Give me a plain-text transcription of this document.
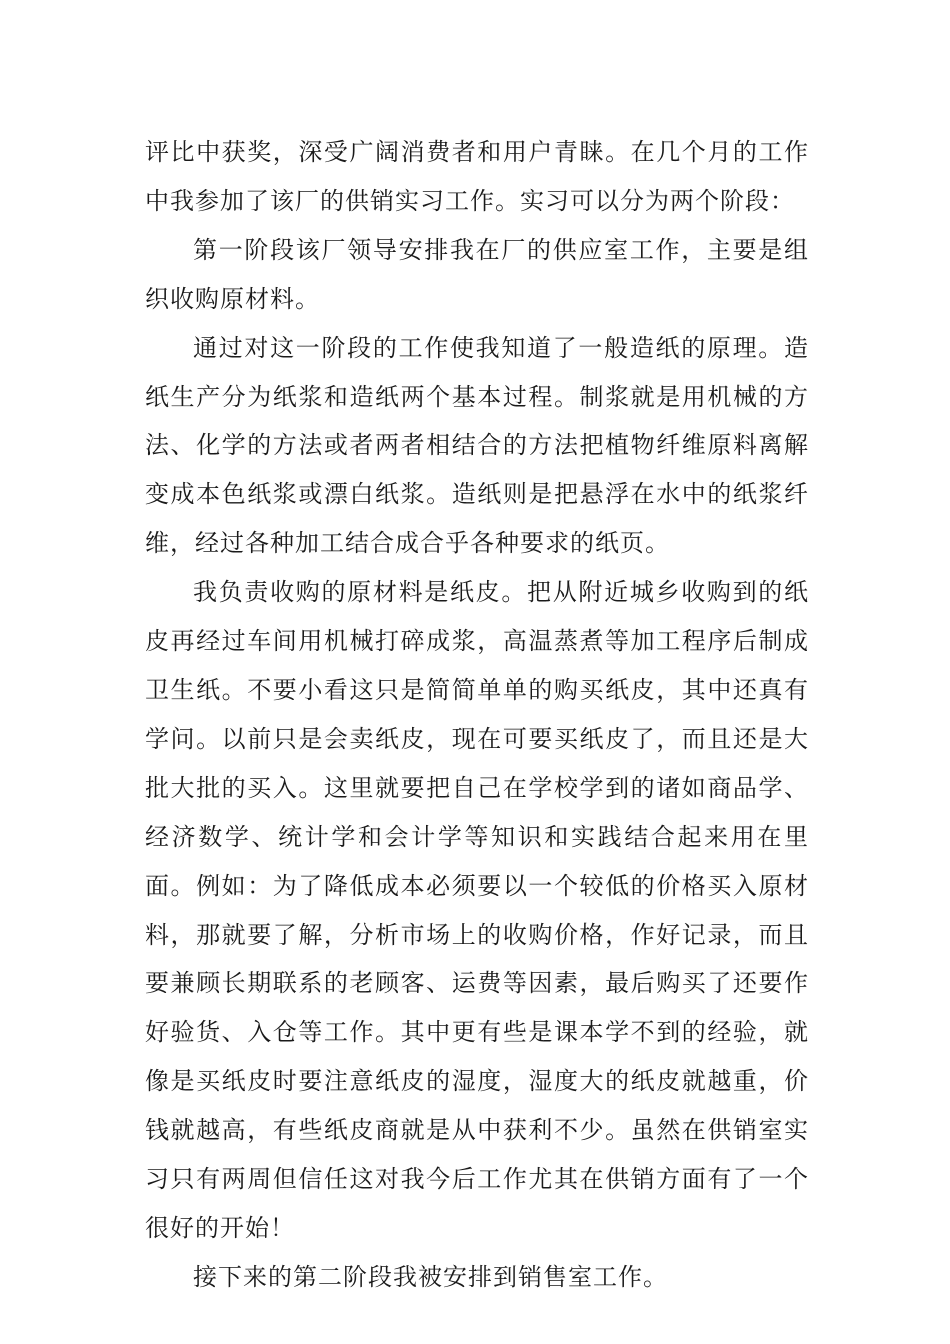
评比中获奖，深受广阔消费者和用户青睐。在几个月的工作中我参加了该厂的供销实习工作。实习可以分为两个阶段：

第一阶段该厂领导安排我在厂的供应室工作，主要是组织收购原材料。

通过对这一阶段的工作使我知道了一般造纸的原理。造纸生产分为纸浆和造纸两个基本过程。制浆就是用机械的方法、化学的方法或者两者相结合的方法把植物纤维原料离解变成本色纸浆或漂白纸浆。造纸则是把悬浮在水中的纸浆纤维，经过各种加工结合成合乎各种要求的纸页。

我负责收购的原材料是纸皮。把从附近城乡收购到的纸皮再经过车间用机械打碎成浆，高温蒸煮等加工程序后制成卫生纸。不要小看这只是简简单单的购买纸皮，其中还真有学问。以前只是会卖纸皮，现在可要买纸皮了，而且还是大批大批的买入。这里就要把自己在学校学到的诸如商品学、经济数学、统计学和会计学等知识和实践结合起来用在里面。例如：为了降低成本必须要以一个较低的价格买入原材料，那就要了解，分析市场上的收购价格，作好记录，而且要兼顾长期联系的老顾客、运费等因素，最后购买了还要作好验货、入仓等工作。其中更有些是课本学不到的经验，就像是买纸皮时要注意纸皮的湿度，湿度大的纸皮就越重，价钱就越高，有些纸皮商就是从中获利不少。虽然在供销室实习只有两周但信任这对我今后工作尤其在供销方面有了一个很好的开始！

接下来的第二阶段我被安排到销售室工作。
